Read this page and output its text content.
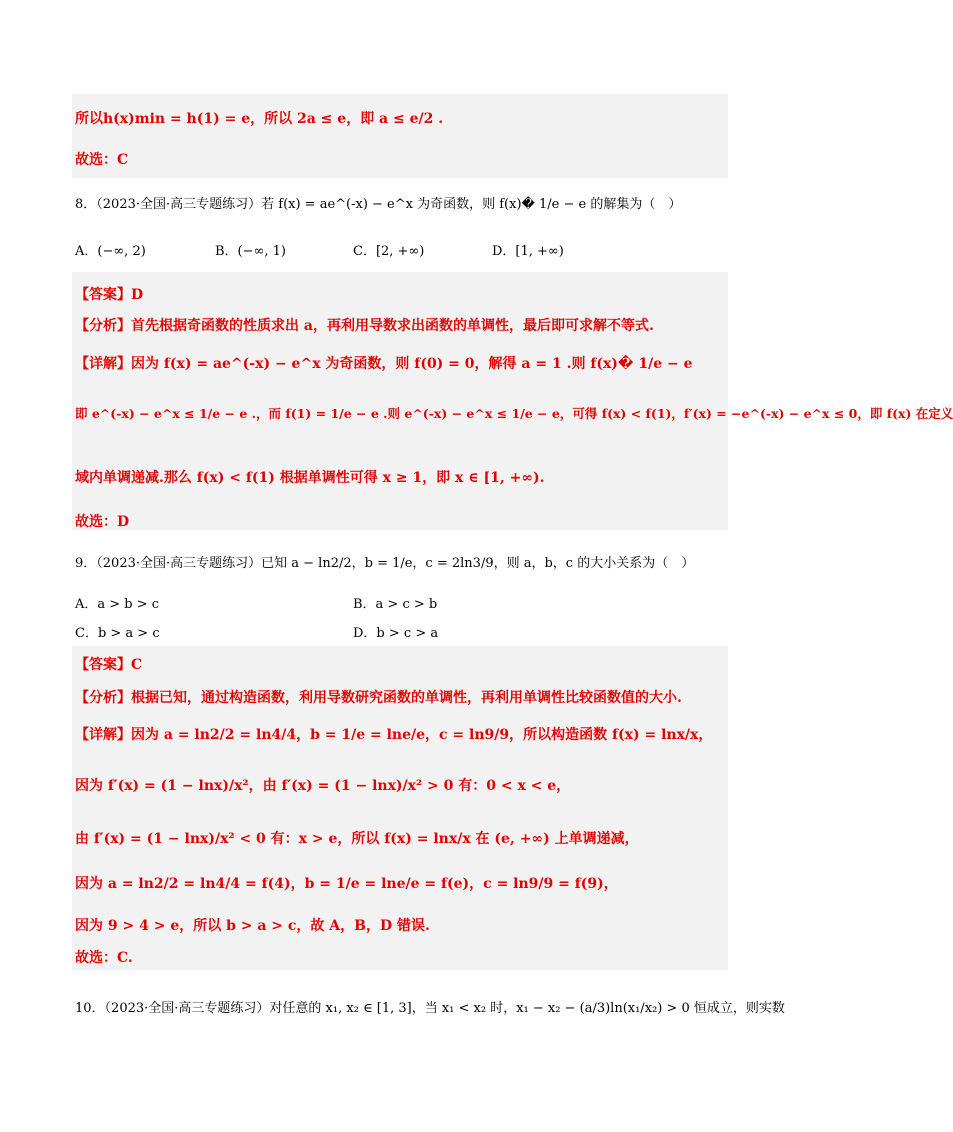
所以h(x)min = h(1) = e，所以 2a ≤ e，即 a ≤ e/2 .
故选：C
8．（2023·全国·高三专题练习）若 f(x) = ae^(-x) − e^x 为奇函数，则 f(x)� 1/e − e 的解集为（　）
A．(−∞, 2)	B．(−∞, 1)	C．[2, +∞)	D．[1, +∞)
【答案】D
【分析】首先根据奇函数的性质求出 a，再利用导数求出函数的单调性，最后即可求解不等式.
【详解】因为 f(x) = ae^(-x) − e^x 为奇函数，则 f(0) = 0，解得 a = 1 .则 f(x)� 1/e − e
即 e^(-x) − e^x ≤ 1/e − e .，而 f(1) = 1/e − e .则 e^(-x) − e^x ≤ 1/e − e，可得 f(x) < f(1)，f′(x) = −e^(-x) − e^x ≤ 0，即 f(x) 在定义
域内单调递减.那么 f(x) < f(1) 根据单调性可得 x ≥ 1，即 x ∈ [1, +∞).
故选：D
9．（2023·全国·高三专题练习）已知 a − ln2/2，b = 1/e，c = 2ln3/9，则 a，b，c 的大小关系为（　）
A．a > b > c	B．a > c > b
C．b > a > c	D．b > c > a
【答案】C
【分析】根据已知，通过构造函数，利用导数研究函数的单调性，再利用单调性比较函数值的大小.
【详解】因为 a = ln2/2 = ln4/4，b = 1/e = lne/e，c = ln9/9，所以构造函数 f(x) = lnx/x，
因为 f′(x) = (1 − lnx)/x²，由 f′(x) = (1 − lnx)/x² > 0 有：0 < x < e，
由 f′(x) = (1 − lnx)/x² < 0 有：x > e，所以 f(x) = lnx/x 在 (e, +∞) 上单调递减，
因为 a = ln2/2 = ln4/4 = f(4)，b = 1/e = lne/e = f(e)，c = ln9/9 = f(9)，
因为 9 > 4 > e，所以 b > a > c，故 A，B，D 错误.
故选：C.
10．（2023·全国·高三专题练习）对任意的 x₁, x₂ ∈ [1, 3]，当 x₁ < x₂ 时，x₁ − x₂ − (a/3)ln(x₁/x₂) > 0 恒成立，则实数
